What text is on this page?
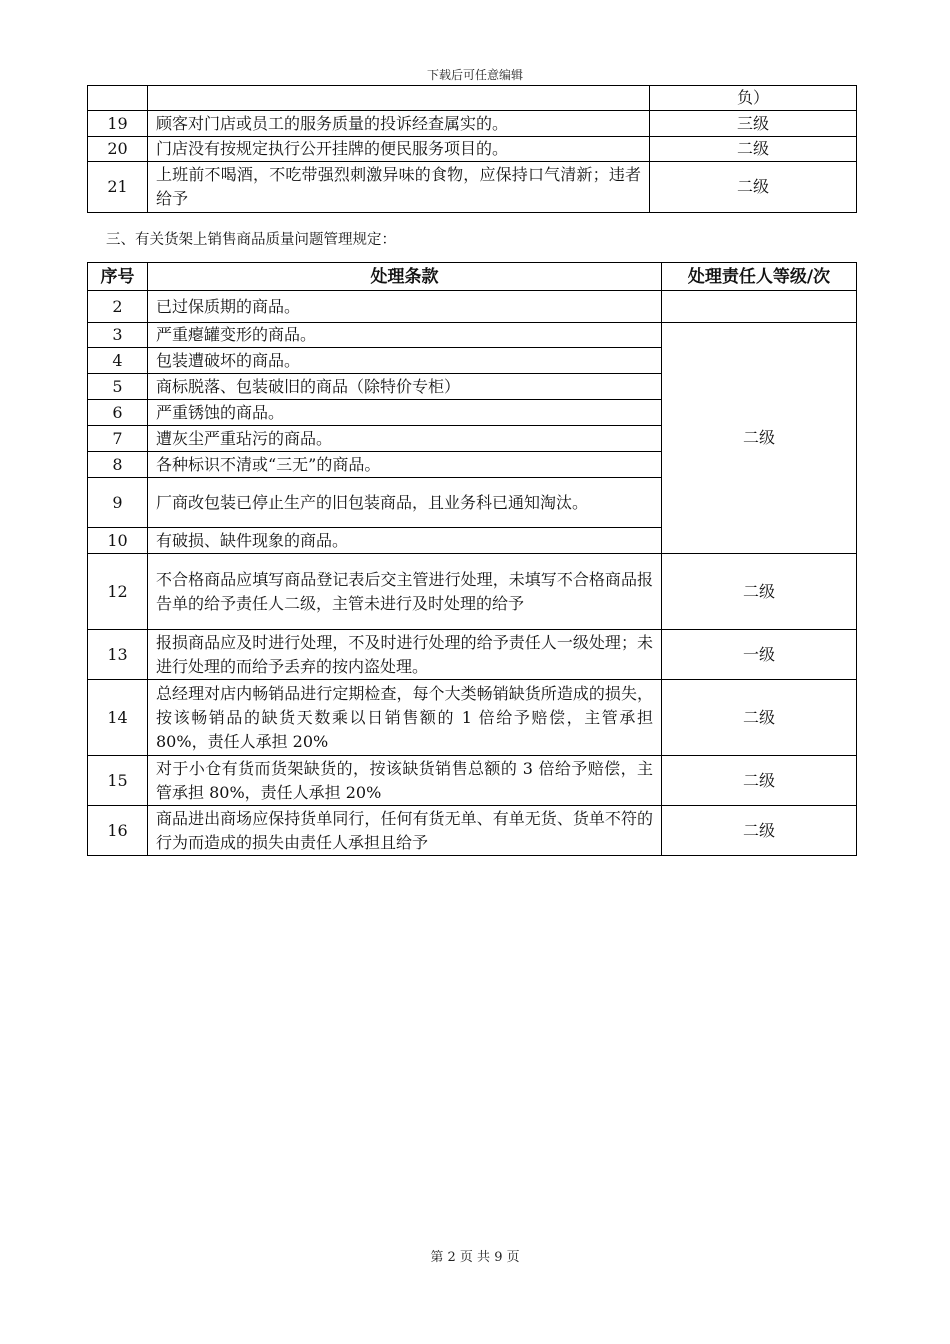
下载后可任意编辑
		负）
19	顾客对门店或员工的服务质量的投诉经查属实的。	三级
20	门店没有按规定执行公开挂牌的便民服务项目的。	二级
21	上班前不喝酒，不吃带强烈刺激异味的食物，应保持口气清新；违者给予	二级
三、有关货架上销售商品质量问题管理规定：
序号	处理条款	处理责任人等级/次
2	已过保质期的商品。	
3	严重瘪罐变形的商品。	二级
4	包装遭破坏的商品。	
5	商标脱落、包装破旧的商品（除特价专柜）	
6	严重锈蚀的商品。	
7	遭灰尘严重玷污的商品。	
8	各种标识不清或“三无”的商品。	
9	厂商改包装已停止生产的旧包装商品，且业务科已通知淘汰。	
10	有破损、缺件现象的商品。	
12	不合格商品应填写商品登记表后交主管进行处理，未填写不合格商品报告单的给予责任人二级，主管未进行及时处理的给予	二级
13	报损商品应及时进行处理，不及时进行处理的给予责任人一级处理；未进行处理的而给予丢弃的按内盗处理。	一级
14	总经理对店内畅销品进行定期检查，每个大类畅销缺货所造成的损失，按该畅销品的缺货天数乘以日销售额的 1 倍给予赔偿，主管承担 80%，责任人承担 20%	二级
15	对于小仓有货而货架缺货的，按该缺货销售总额的 3 倍给予赔偿，主管承担 80%，责任人承担 20%	二级
16	商品进出商场应保持货单同行，任何有货无单、有单无货、货单不符的行为而造成的损失由责任人承担且给予	二级
第 2 页 共 9 页
